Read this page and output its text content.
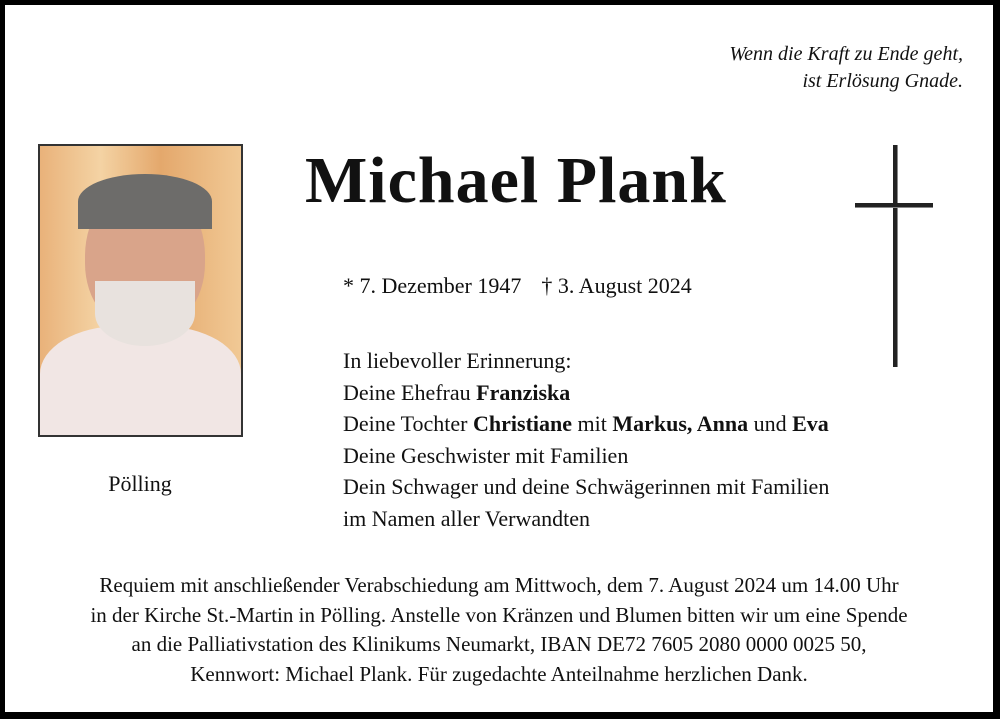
Wenn die Kraft zu Ende geht,
ist Erlösung Gnade.
Pölling
Michael Plank
* 7. Dezember 1947 † 3. August 2024
In liebevoller Erinnerung:
Deine Ehefrau Franziska
Deine Tochter Christiane mit Markus, Anna und Eva
Deine Geschwister mit Familien
Dein Schwager und deine Schwägerinnen mit Familien
im Namen aller Verwandten
Requiem mit anschließender Verabschiedung am Mittwoch, dem 7. August 2024 um 14.00 Uhr
in der Kirche St.-Martin in Pölling. Anstelle von Kränzen und Blumen bitten wir um eine Spende
an die Palliativstation des Klinikums Neumarkt, IBAN DE72 7605 2080 0000 0025 50,
Kennwort: Michael Plank. Für zugedachte Anteilnahme herzlichen Dank.
